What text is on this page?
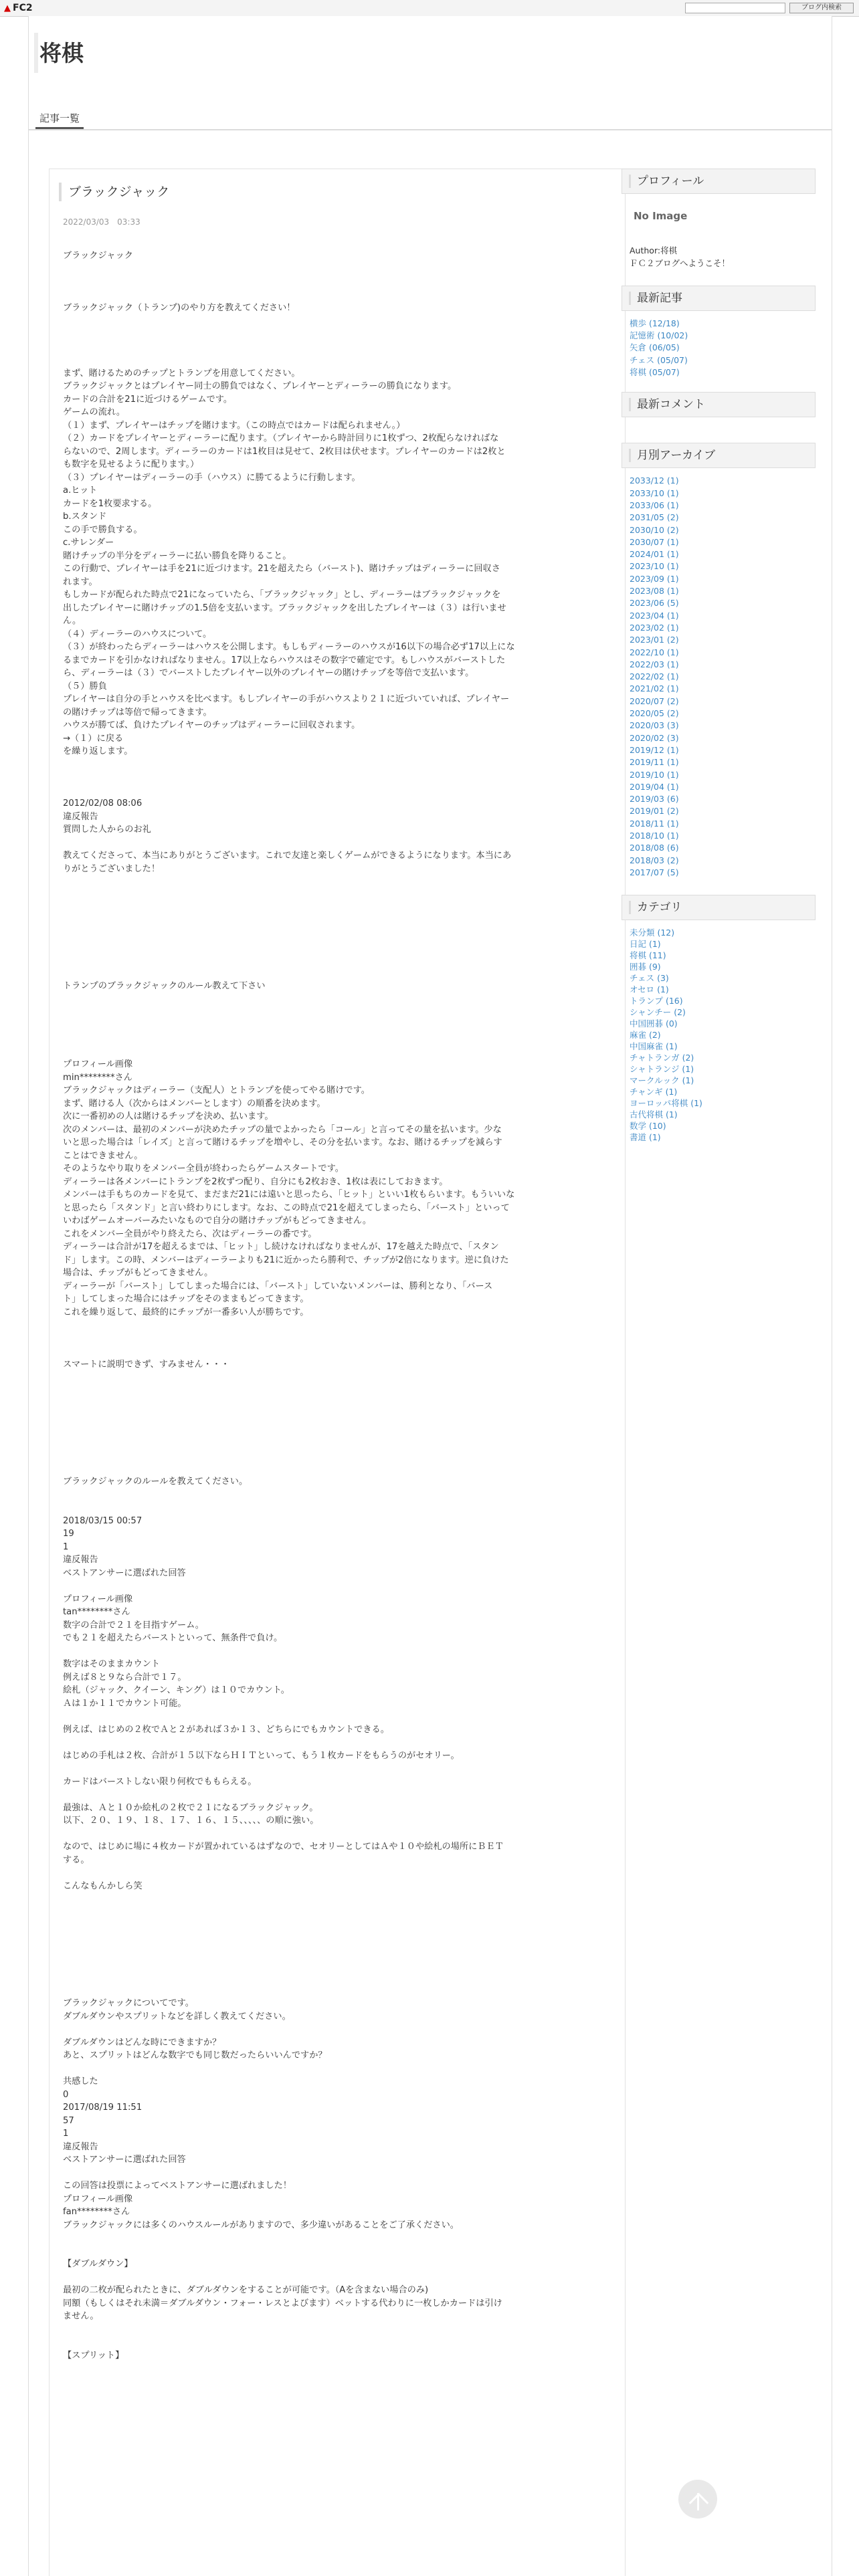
▲ FC2	ブログ内検索
将棋
記事一覧
ブラックジャック
2022/03/03 03:33

ブラックジャック

ブラックジャック（トランプ)のやり方を教えてください！

まず、賭けるためのチップとトランプを用意してください。

ブラックジャックとはプレイヤー同士の勝負ではなく、プレイヤーとディーラーの勝負になります。

カードの合計を21に近づけるゲームです。

ゲームの流れ。

（１）まず、プレイヤーはチップを賭けます。（この時点ではカードは配られません。）

（２）カードをプレイヤーとディーラーに配ります。（プレイヤーから時計回りに1枚ずつ、2枚配らなければな

らないので、2周します。ディーラーのカードは1枚目は見せて、2枚目は伏せます。プレイヤーのカードは2枚と

も数字を見せるように配ります。）

（３）プレイヤーはディーラーの手（ハウス）に勝てるように行動します。

a.ヒット

カードを1枚要求する。

b.スタンド

この手で勝負する。

c.サレンダー

賭けチップの半分をディーラーに払い勝負を降りること。

この行動で、プレイヤーは手を21に近づけます。21を超えたら（バースト)、賭けチップはディーラーに回収さ

れます。

もしカードが配られた時点で21になっていたら、「ブラックジャック」とし、ディーラーはブラックジャックを

出したプレイヤーに賭けチップの1.5倍を支払います。ブラックジャックを出したプレイヤーは（３）は行いませ

ん。

（４）ディーラーのハウスについて。

（３）が終わったらディーラーはハウスを公開します。もしもディーラーのハウスが16以下の場合必ず17以上にな

るまでカードを引かなければなりません。17以上ならハウスはその数字で確定です。もしハウスがバーストした

ら、ディーラーは（３）でバーストしたプレイヤー以外のプレイヤーの賭けチップを等倍で支払います。

（５）勝負

プレイヤーは自分の手とハウスを比べます。もしプレイヤーの手がハウスより２１に近づいていれば、プレイヤー

の賭けチップは等倍で帰ってきます。

ハウスが勝てば、負けたプレイヤーのチップはディーラーに回収されます。

→（１）に戻る

を繰り返します。

2012/02/08 08:06

違反報告

質問した人からのお礼

教えてくださって、本当にありがとうございます。これで友達と楽しくゲームができるようになります。本当にあ

りがとうございました！

トランプのブラックジャックのルール教えて下さい

プロフィール画像

min********さん

ブラックジャックはディーラー（支配人）とトランプを使ってやる賭けです。

まず、賭ける人（次からはメンバーとします）の順番を決めます。

次に一番初めの人は賭けるチップを決め、払います。

次のメンバーは、最初のメンバーが決めたチップの量でよかったら「コール」と言ってその量を払います。少な

いと思った場合は「レイズ」と言って賭けるチップを増やし、その分を払います。なお、賭けるチップを減らす

ことはできません。

そのようなやり取りをメンバー全員が終わったらゲームスタートです。

ディーラーは各メンバーにトランプを2枚ずつ配り、自分にも2枚おき、1枚は表にしておきます。

メンバーは手もちのカードを見て、まだまだ21には遠いと思ったら、「ヒット」といい1枚もらいます。もういいな

と思ったら「スタンド」と言い終わりにします。なお、この時点で21を超えてしまったら、「バースト」といって

いわばゲームオーバーみたいなもので自分の賭けチップがもどってきません。

これをメンバー全員がやり終えたら、次はディーラーの番です。

ディーラーは合計が17を超えるまでは、「ヒット」し続けなければなりませんが、17を越えた時点で、「スタン

ド」します。この時、メンバーはディーラーよりも21に近かったら勝利で、チップが2倍になります。逆に負けた

場合は、チップがもどってきません。

ディーラーが「バースト」してしまった場合には、「バースト」していないメンバーは、勝利となり、「バース

ト」してしまった場合にはチップをそのままもどってきます。

これを繰り返して、最終的にチップが一番多い人が勝ちです。

スマートに説明できず、すみません・・・

ブラックジャックのルールを教えてください。

2018/03/15 00:57

19

1

違反報告

ベストアンサーに選ばれた回答

プロフィール画像

tan********さん

数字の合計で２１を目指すゲーム。

でも２１を超えたらバーストといって、無条件で負け。

数字はそのままカウント

例えば８と９なら合計で１７。

絵札（ジャック、クイーン、キング）は１０でカウント。

Ａは１か１１でカウント可能。

例えば、はじめの２枚でＡと２があれば３か１３、どちらにでもカウントできる。

はじめの手札は２枚、合計が１５以下ならＨＩＴといって、もう１枚カードをもらうのがセオリー。

カードはバーストしない限り何枚でももらえる。

最強は、Ａと１０か絵札の２枚で２１になるブラックジャック。

以下、２０、１９、１８、１７、１６、１５、、、、、の順に強い。

なので、はじめに場に４枚カードが置かれているはずなので、セオリーとしてはＡや１０や絵札の場所にＢＥＴ

する。

こんなもんかしら笑

ブラックジャックについてです。

ダブルダウンやスプリットなどを詳しく教えてください。

ダブルダウンはどんな時にできますか？

あと、スプリットはどんな数字でも同じ数だったらいいんですか？

共感した

0

2017/08/19 11:51

57

1

違反報告

ベストアンサーに選ばれた回答

この回答は投票によってベストアンサーに選ばれました！

プロフィール画像

fan********さん

ブラックジャックには多くのハウスルールがありますので、多少違いがあることをご了承ください。

【ダブルダウン】

最初の二枚が配られたときに、ダブルダウンをすることが可能です。（Aを含まない場合のみ)

同額（もしくはそれ未満＝ダブルダウン・フォー・レスとよびます）ベットする代わりに一枚しかカードは引け

ません。

【スプリット】

プロフィール
No Image
Author:将棋
ＦＣ２ブログへようこそ！
最新記事
横歩 (12/18)
記憶術 (10/02)
矢倉 (06/05)
チェス (05/07)
将棋 (05/07)
最新コメント
月別アーカイブ
2033/12 (1)
2033/10 (1)
2033/06 (1)
2031/05 (2)
2030/10 (2)
2030/07 (1)
2024/01 (1)
2023/10 (1)
2023/09 (1)
2023/08 (1)
2023/06 (5)
2023/04 (1)
2023/02 (1)
2023/01 (2)
2022/10 (1)
2022/03 (1)
2022/02 (1)
2021/02 (1)
2020/07 (2)
2020/05 (2)
2020/03 (3)
2020/02 (3)
2019/12 (1)
2019/11 (1)
2019/10 (1)
2019/04 (1)
2019/03 (6)
2019/01 (2)
2018/11 (1)
2018/10 (1)
2018/08 (6)
2018/03 (2)
2017/07 (5)
カテゴリ
未分類 (12)
日記 (1)
将棋 (11)
囲碁 (9)
チェス (3)
オセロ (1)
トランプ (16)
シャンチー (2)
中国囲碁 (0)
麻雀 (2)
中国麻雀 (1)
チャトランガ (2)
シャトランジ (1)
マークルック (1)
チャンギ (1)
ヨーロッパ将棋 (1)
古代将棋 (1)
数学 (10)
書道 (1)
